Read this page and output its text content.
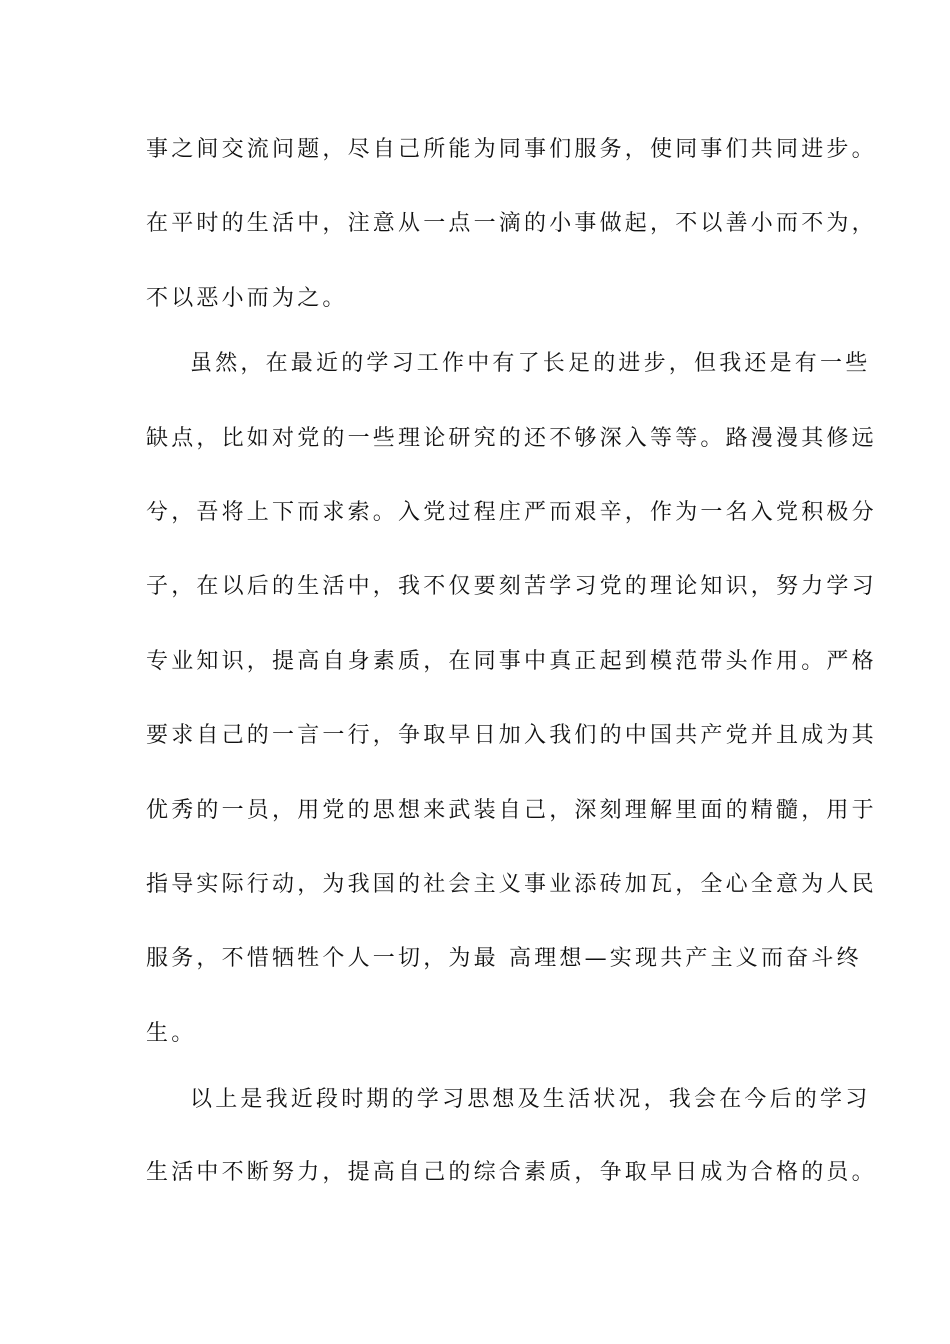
事之间交流问题，尽自己所能为同事们服务，使同事们共同进步。
在平时的生活中，注意从一点一滴的小事做起，不以善小而不为，
不以恶小而为之。
虽然，在最近的学习工作中有了长足的进步，但我还是有一些
缺点，比如对党的一些理论研究的还不够深入等等。路漫漫其修远
兮，吾将上下而求索。入党过程庄严而艰辛，作为一名入党积极分
子，在以后的生活中，我不仅要刻苦学习党的理论知识，努力学习
专业知识，提高自身素质，在同事中真正起到模范带头作用。严格
要求自己的一言一行，争取早日加入我们的中国共产党并且成为其
优秀的一员，用党的思想来武装自己，深刻理解里面的精髓，用于
指导实际行动，为我国的社会主义事业添砖加瓦，全心全意为人民
服务，不惜牺牲个人一切，为最 高理想—实现共产主义而奋斗终
生。
以上是我近段时期的学习思想及生活状况，我会在今后的学习
生活中不断努力，提高自己的综合素质，争取早日成为合格的员。
